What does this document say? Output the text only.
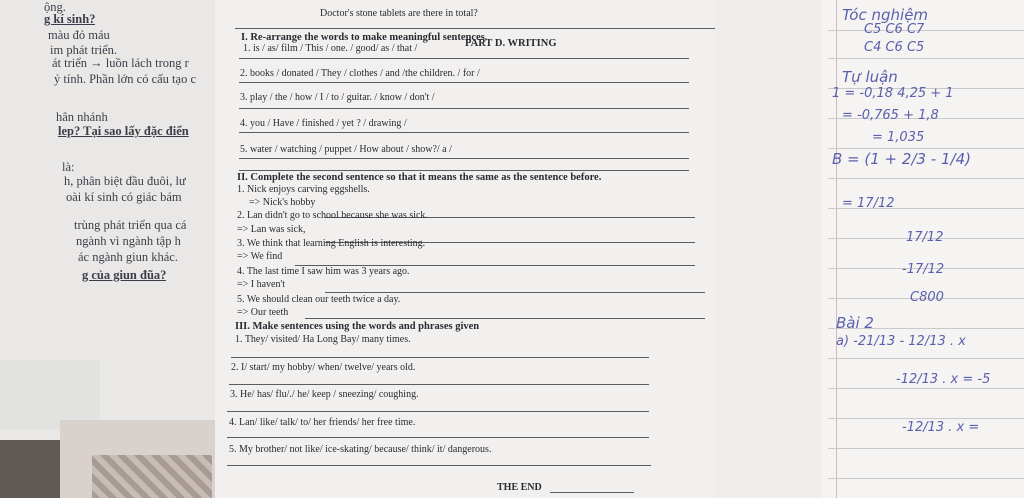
ộng.
g kí sinh?
màu đỏ máu
im phát triển.
át triển → luồn lách trong r
ỷ tính. Phần lớn có cấu tạo c
hân nhánh
lep? Tại sao lấy đặc điển
là:
h, phân biệt đầu đuôi, lư
oài kí sinh có giác bám
trùng phát triển qua cá
ngành vì ngành tập h
ác ngành giun khác.
g của giun đũa?
Doctor's stone tablets are there in total?
PART D. WRITING
I. Re-arrange the words to make meaningful sentences.
1. is / as/ film / This / one. / good/ as / that /
2. books / donated / They / clothes / and /the children. / for /
3. play / the / how / I / to / guitar. / know / don't /
4. you / Have / finished / yet ? / drawing /
5. water / watching / puppet / How about / show?/ a /
II. Complete the second sentence so that it means the same as the sentence before.
1. Nick enjoys carving eggshells.
=> Nick's hobby
2. Lan didn't go to school because she was sick.
=> Lan was sick,
3. We think that learning English is interesting.
=> We find
4. The last time I saw him was 3 years ago.
=> I haven't
5. We should clean our teeth twice a day.
=> Our teeth
III. Make sentences using the words and phrases given
1. They/ visited/ Ha Long Bay/ many times.
2. I/ start/ my hobby/ when/ twelve/ years old.
3. He/ has/ flu/./ he/ keep / sneezing/ coughing.
4. Lan/ like/ talk/ to/ her friends/ her free time.
5. My brother/ not like/ ice-skating/ because/ think/ it/ dangerous.
THE END
Tóc nghiệm
C5 C6 C7
C4 C6 C5
Tự luận
1 = -0,18 4,25 + 1
= -0,765 + 1,8
= 1,035
B = (1 + 2/3 - 1/4)
= 17/12
17/12
-17/12
C800
Bài 2
a) -21/13 - 12/13 . x
-12/13 . x = -5
-12/13 . x =
